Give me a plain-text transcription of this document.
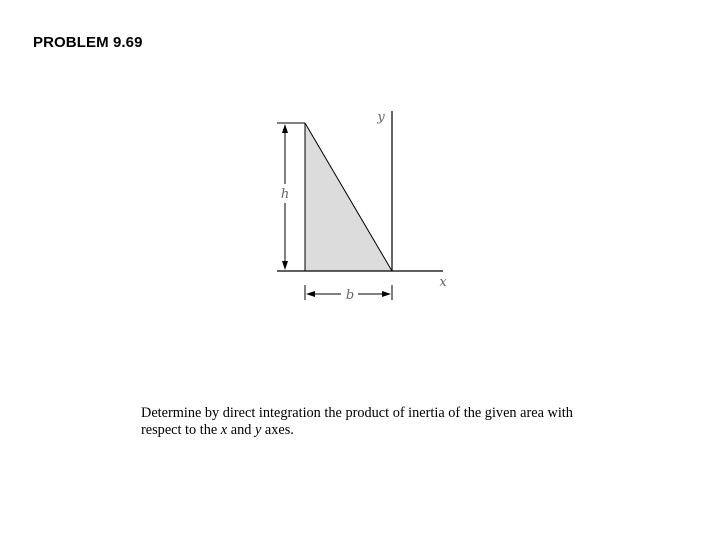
PROBLEM 9.69
h
b
y
x
Determine by direct integration the product of inertia of the given area with respect to the x and y axes.
